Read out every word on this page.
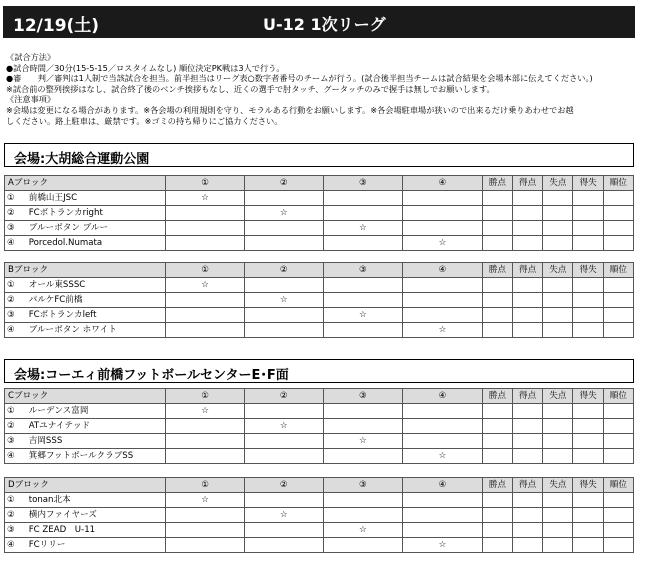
12/19(土)	U-12 1次リーグ
《試合方法》
●試合時間／30分(15-5-15／ロスタイムなし) 順位決定PK戦は3人で行う。
●審　　判／審判は1人制で当該試合を担当。前半担当はリーグ表○数字者番号のチームが行う。(試合後半担当チームは試合結果を会場本部に伝えてください。)
※試合前の整列挨拶はなし、試合終了後のベンチ挨拶もなし、近くの選手で肘タッチ、グータッチのみで握手は無しでお願いします。
《注意事項》
※会場は変更になる場合があります。※各会場の利用規則を守り、モラルある行動をお願いします。※各会場駐車場が狭いので出来るだけ乗りあわせでお越
しください。路上駐車は、厳禁です。※ゴミの持ち帰りにご協力ください。
会場:大胡総合運動公園
Aブロック	①	②	③	④	勝点	得点	失点	得失	順位
① 前橋山王JSC	☆								
② FCボトランカright		☆							
③ ブルーボタン ブルー			☆						
④ Porcedol.Numata				☆					
Bブロック	①	②	③	④	勝点	得点	失点	得失	順位
① オール東SSSC	☆								
② パルケFC前橋		☆							
③ FCボトランカleft			☆						
④ ブルーボタン ホワイト				☆					
会場:コーエィ前橋フットボールセンターE･F面
Cブロック	①	②	③	④	勝点	得点	失点	得失	順位
① ルーデンス富岡	☆								
② ATユナイテッド		☆							
③ 吉岡SSS			☆						
④ 箕郷フットボールクラブSS				☆					
Dブロック	①	②	③	④	勝点	得点	失点	得失	順位
① tonan北本	☆								
② 横内ファイヤーズ		☆							
③ FC ZEAD　U-11			☆						
④ FCリリー				☆					
